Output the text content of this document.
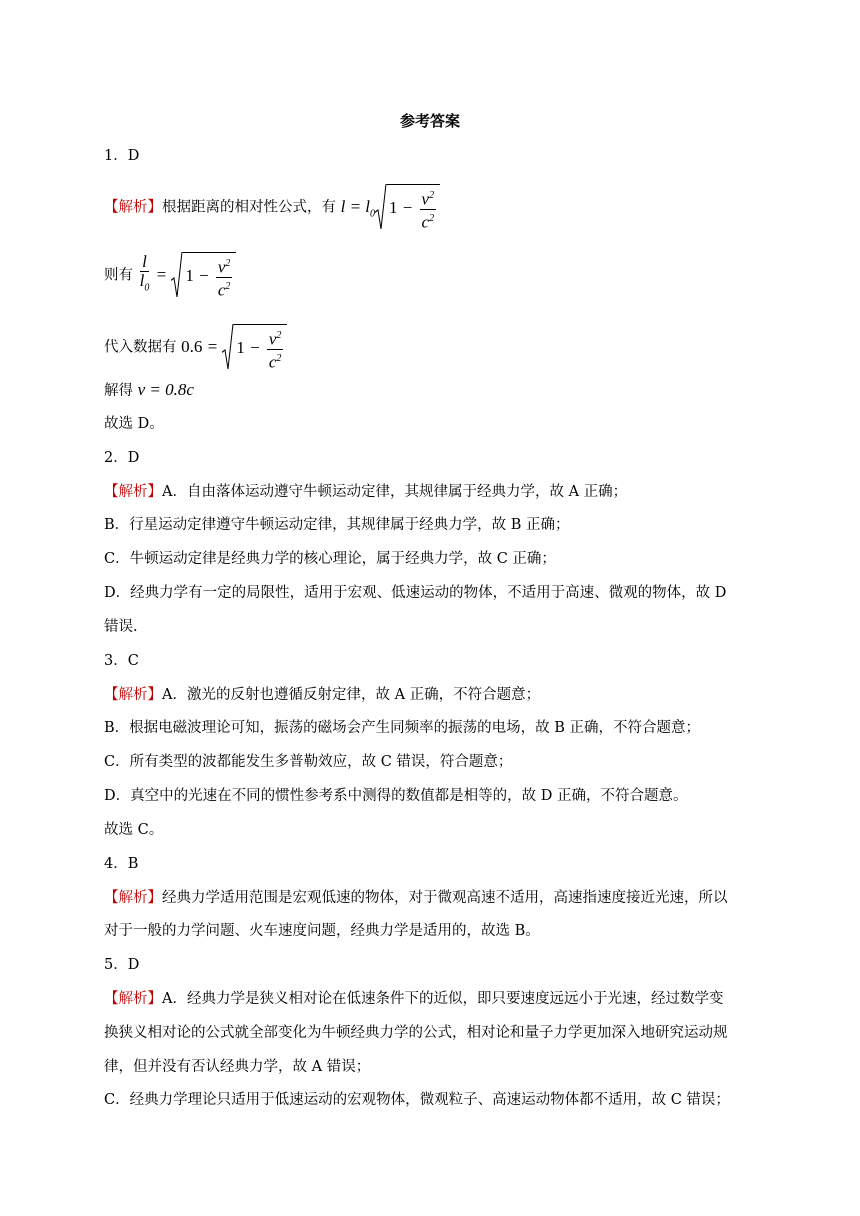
参考答案
1．D
【解析】根据距离的相对性公式，有 $l = l_0$ $1 - \frac{v^2}{c^2}$
则有 $\frac{l}{l_0}$ =
$1 - \frac{v^2}{c^2}$
代入数据有 0.6 =
$1 - \frac{v^2}{c^2}$
解得 v = 0.8c
故选 D。
2．D
【解析】A．自由落体运动遵守牛顿运动定律，其规律属于经典力学，故 A 正确；
B．行星运动定律遵守牛顿运动定律，其规律属于经典力学，故 B 正确；
C．牛顿运动定律是经典力学的核心理论，属于经典力学，故 C 正确；
D．经典力学有一定的局限性，适用于宏观、低速运动的物体，不适用于高速、微观的物体，故 D
错误.
3．C
【解析】A．激光的反射也遵循反射定律，故 A 正确，不符合题意；
B．根据电磁波理论可知，振荡的磁场会产生同频率的振荡的电场，故 B 正确，不符合题意；
C．所有类型的波都能发生多普勒效应，故 C 错误，符合题意；
D．真空中的光速在不同的惯性参考系中测得的数值都是相等的，故 D 正确，不符合题意。
故选 C。
4．B
【解析】经典力学适用范围是宏观低速的物体，对于微观高速不适用，高速指速度接近光速，所以
对于一般的力学问题、火车速度问题，经典力学是适用的，故选 B。
5．D
【解析】A．经典力学是狭义相对论在低速条件下的近似，即只要速度远远小于光速，经过数学变
换狭义相对论的公式就全部变化为牛顿经典力学的公式，相对论和量子力学更加深入地研究运动规
律，但并没有否认经典力学，故 A 错误；
C．经典力学理论只适用于低速运动的宏观物体，微观粒子、高速运动物体都不适用，故 C 错误；
